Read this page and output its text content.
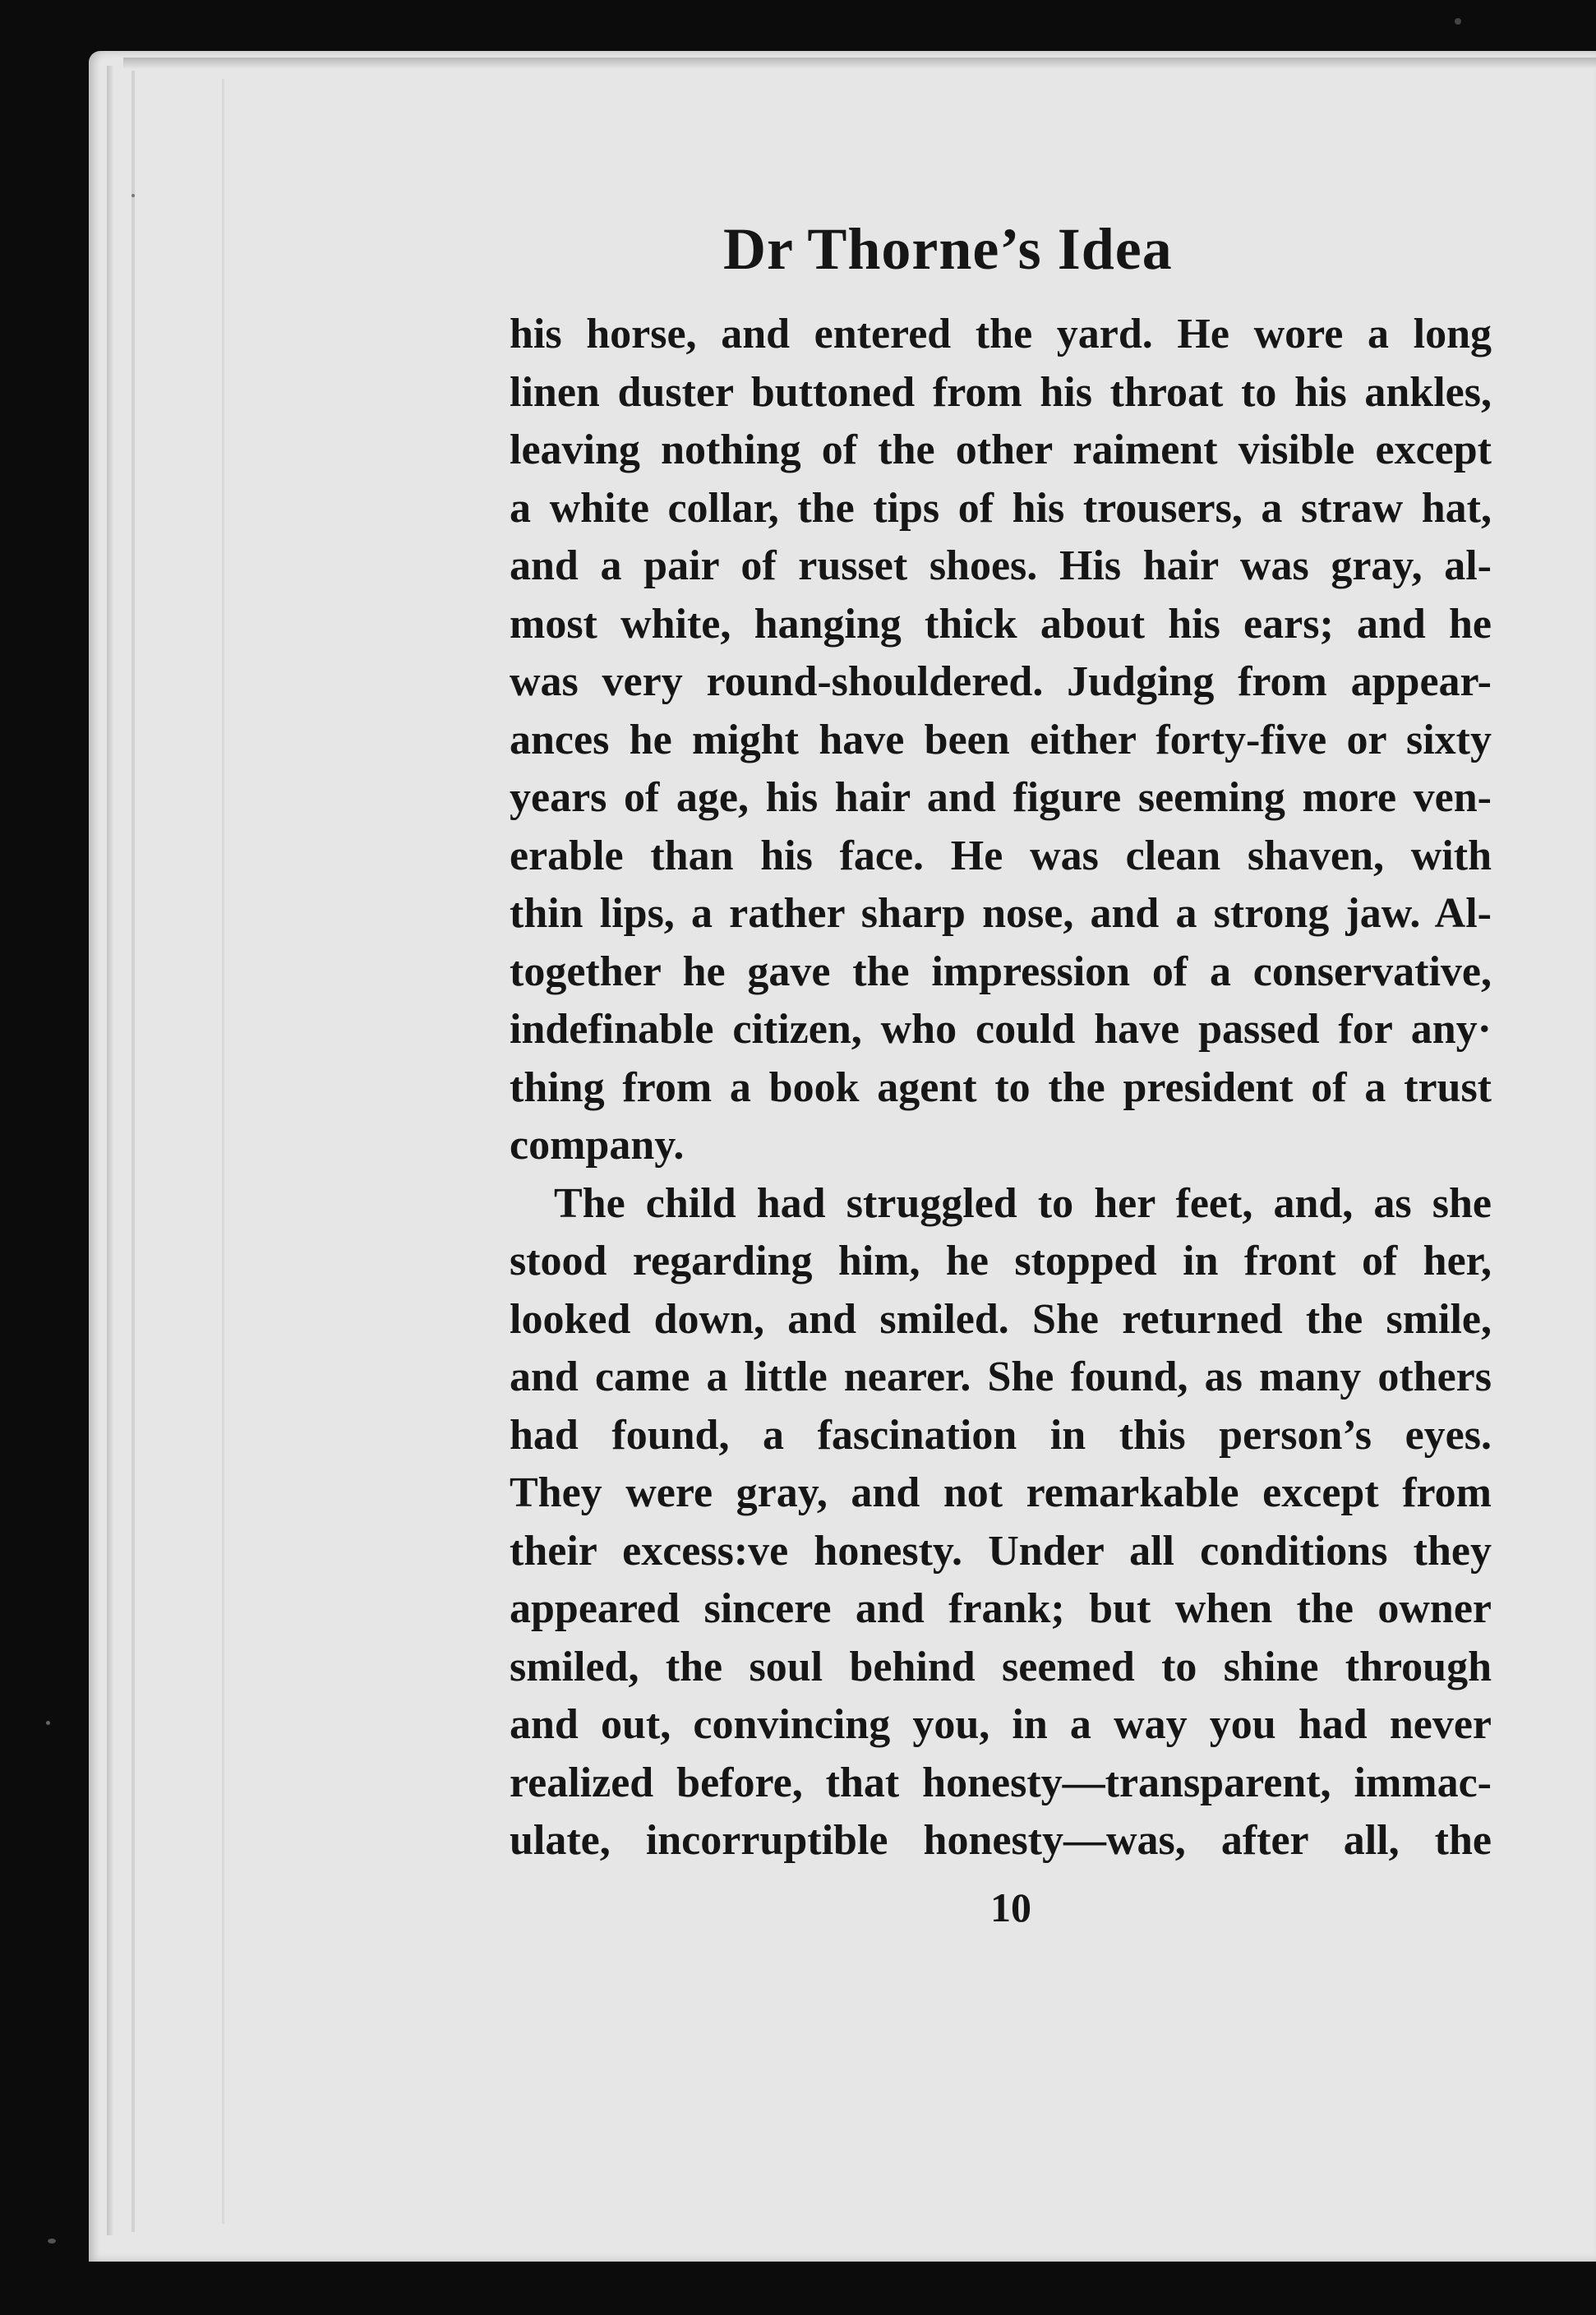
Dr Thorne’s Idea
his horse, and entered the yard. He wore a long
linen duster buttoned from his throat to his ankles,
leaving nothing of the other raiment visible except
a white collar, the tips of his trousers, a straw hat,
and a pair of russet shoes. His hair was gray, al-
most white, hanging thick about his ears; and he
was very round-shouldered. Judging from appear-
ances he might have been either forty-five or sixty
years of age, his hair and figure seeming more ven-
erable than his face. He was clean shaven, with
thin lips, a rather sharp nose, and a strong jaw. Al-
together he gave the impression of a conservative,
indefinable citizen, who could have passed for any·
thing from a book agent to the president of a trust
company.
The child had struggled to her feet, and, as she
stood regarding him, he stopped in front of her,
looked down, and smiled. She returned the smile,
and came a little nearer. She found, as many others
had found, a fascination in this person’s eyes.
They were gray, and not remarkable except from
their excess:ve honesty. Under all conditions they
appeared sincere and frank; but when the owner
smiled, the soul behind seemed to shine through
and out, convincing you, in a way you had never
realized before, that honesty—transparent, immac-
ulate, incorruptible honesty—was, after all, the

10
